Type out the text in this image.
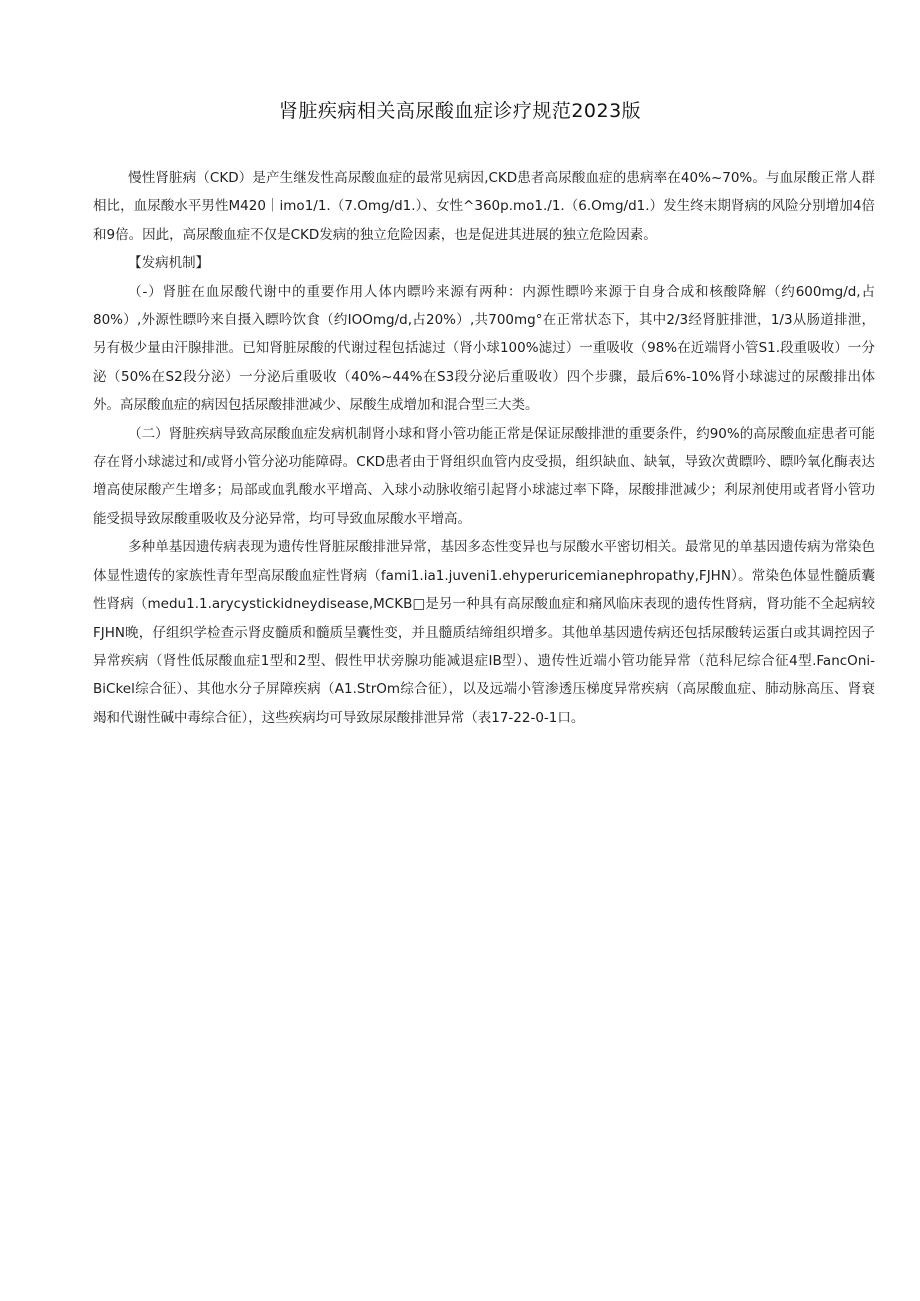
肾脏疾病相关高尿酸血症诊疗规范2023版

慢性肾脏病（CKD）是产生继发性高尿酸血症的最常见病因,CKD患者高尿酸血症的患病率在40%~70%。与血尿酸正常人群相比，血尿酸水平男性M420｜imo1/1.（7.Omg/d1.）、女性^360p.mo1./1.（6.Omg/d1.）发生终末期肾病的风险分别增加4倍和9倍。因此，高尿酸血症不仅是CKD发病的独立危险因素，也是促进其进展的独立危险因素。

【发病机制】

（-）肾脏在血尿酸代谢中的重要作用人体内瞟吟来源有两种：内源性瞟吟来源于自身合成和核酸降解（约600mg/d,占80%）,外源性瞟吟来自摄入瞟吟饮食（约IOOmg/d,占20%）,共700mg°在正常状态下，其中2/3经肾脏排泄，1/3从肠道排泄，另有极少量由汗腺排泄。已知肾脏尿酸的代谢过程包括滤过（肾小球100%滤过）一重吸收（98%在近端肾小管S1.段重吸收）一分泌（50%在S2段分泌）一分泌后重吸收（40%~44%在S3段分泌后重吸收）四个步骤，最后6%-10%肾小球滤过的尿酸排出体外。高尿酸血症的病因包括尿酸排泄减少、尿酸生成增加和混合型三大类。

（二）肾脏疾病导致高尿酸血症发病机制肾小球和肾小管功能正常是保证尿酸排泄的重要条件，约90%的高尿酸血症患者可能存在肾小球滤过和/或肾小管分泌功能障碍。CKD患者由于肾组织血管内皮受损，组织缺血、缺氧，导致次黄瞟吟、瞟吟氧化酶表达增高使尿酸产生增多；局部或血乳酸水平增高、入球小动脉收缩引起肾小球滤过率下降，尿酸排泄减少；利尿剂使用或者肾小管功能受损导致尿酸重吸收及分泌异常，均可导致血尿酸水平增高。

多种单基因遗传病表现为遗传性肾脏尿酸排泄异常，基因多态性变异也与尿酸水平密切相关。最常见的单基因遗传病为常染色体显性遗传的家族性青年型高尿酸血症性肾病（fami1.ia1.juveni1.ehyperuricemianephropathy,FJHN）。常染色体显性髓质囊性肾病（medu1.1.arycystickidneydisease,MCKB□是另一种具有高尿酸血症和痛风临床表现的遗传性肾病，肾功能不全起病较FJHN晚，仔组织学检查示肾皮髓质和髓质呈囊性变，并且髓质结缔组织增多。其他单基因遗传病还包括尿酸转运蛋白或其调控因子异常疾病（肾性低尿酸血症1型和2型、假性甲状旁腺功能减退症IB型）、遗传性近端小管功能异常（范科尼综合征4型.FancOni-BiCkel综合征）、其他水分子屏障疾病（A1.StrOm综合征），以及远端小管渗透压梯度异常疾病（高尿酸血症、肺动脉高压、肾衰竭和代谢性碱中毒综合征），这些疾病均可导致尿尿酸排泄异常（表17-22-0-1口。
